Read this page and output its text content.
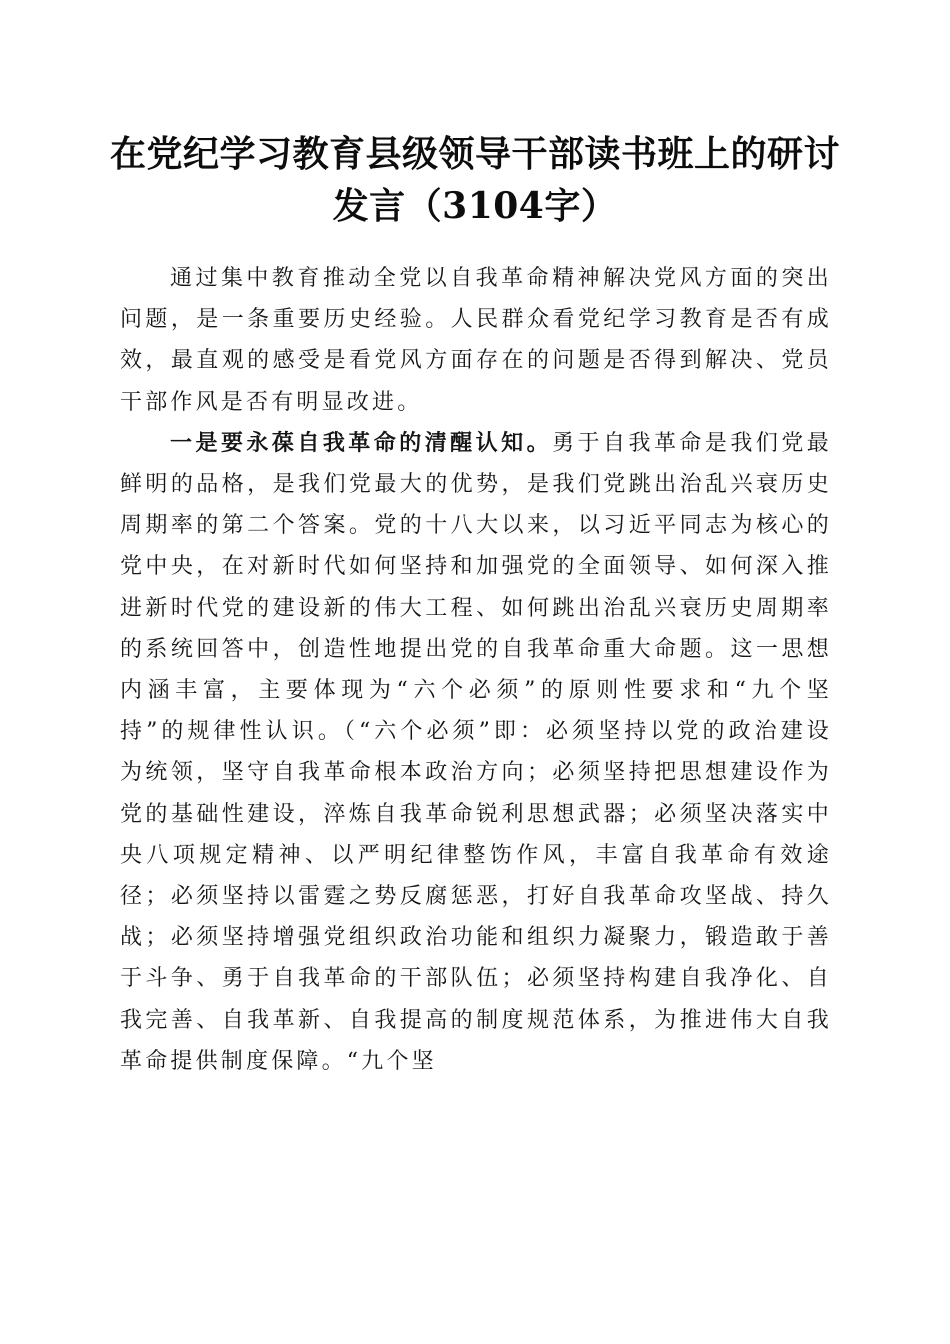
在党纪学习教育县级领导干部读书班上的研讨
发言（3104字）

通过集中教育推动全党以自我革命精神解决党风方面的突出问题，是一条重要历史经验。人民群众看党纪学习教育是否有成效，最直观的感受是看党风方面存在的问题是否得到解决、党员干部作风是否有明显改进。

一是要永葆自我革命的清醒认知。勇于自我革命是我们党最鲜明的品格，是我们党最大的优势，是我们党跳出治乱兴衰历史周期率的第二个答案。党的十八大以来，以习近平同志为核心的党中央，在对新时代如何坚持和加强党的全面领导、如何深入推进新时代党的建设新的伟大工程、如何跳出治乱兴衰历史周期率的系统回答中，创造性地提出党的自我革命重大命题。这一思想内涵丰富，主要体现为“六个必须”的原则性要求和“九个坚持”的规律性认识。（“六个必须”即：必须坚持以党的政治建设为统领，坚守自我革命根本政治方向；必须坚持把思想建设作为党的基础性建设，淬炼自我革命锐利思想武器；必须坚决落实中央八项规定精神、以严明纪律整饬作风，丰富自我革命有效途径；必须坚持以雷霆之势反腐惩恶，打好自我革命攻坚战、持久战；必须坚持增强党组织政治功能和组织力凝聚力，锻造敢于善于斗争、勇于自我革命的干部队伍；必须坚持构建自我净化、自我完善、自我革新、自我提高的制度规范体系，为推进伟大自我革命提供制度保障。“九个坚
